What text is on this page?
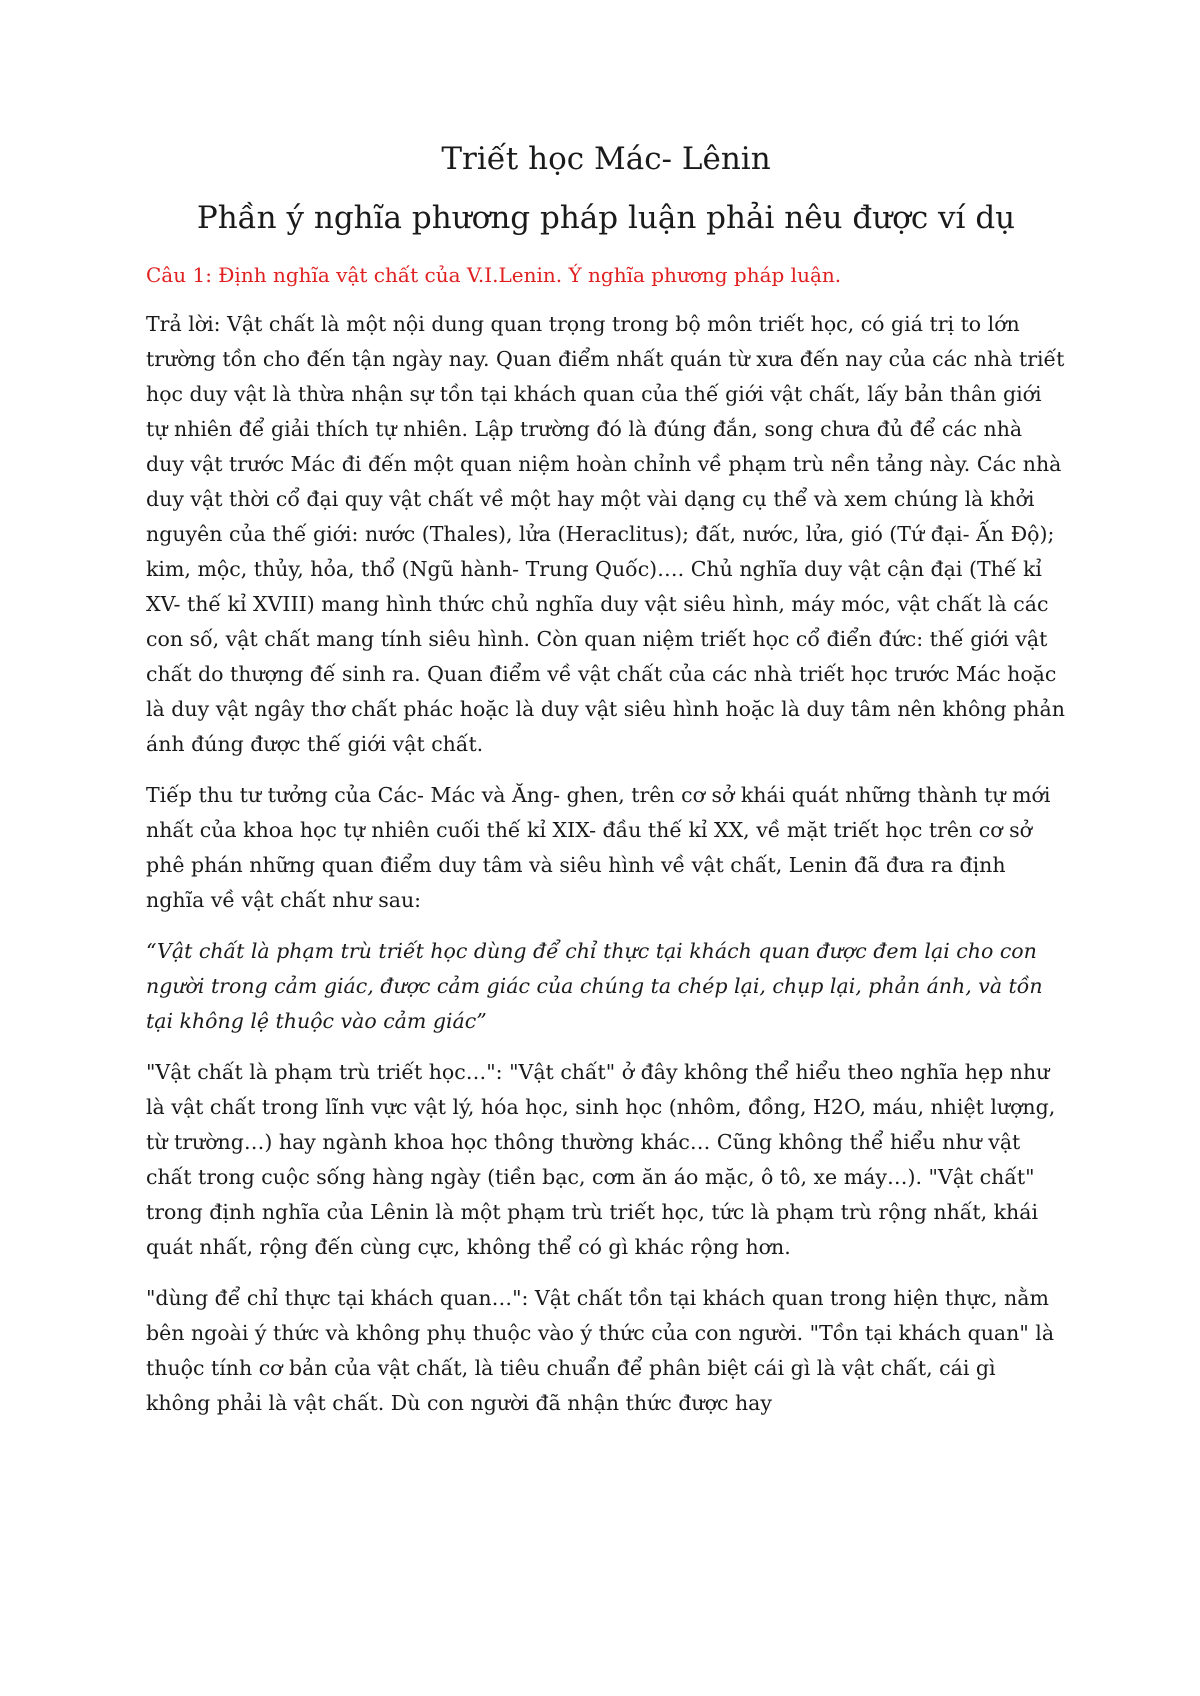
Triết học Mác- Lênin
Phần ý nghĩa phương pháp luận phải nêu được ví dụ

Câu 1: Định nghĩa vật chất của V.I.Lenin. Ý nghĩa phương pháp luận.

Trả lời: Vật chất là một nội dung quan trọng trong bộ môn triết học, có giá trị to lớn trường tồn cho đến tận ngày nay. Quan điểm nhất quán từ xưa đến nay của các nhà triết học duy vật là thừa nhận sự tồn tại khách quan của thế giới vật chất, lấy bản thân giới tự nhiên để giải thích tự nhiên. Lập trường đó là đúng đắn, song chưa đủ để các nhà duy vật trước Mác đi đến một quan niệm hoàn chỉnh về phạm trù nền tảng này. Các nhà duy vật thời cổ đại quy vật chất về một hay một vài dạng cụ thể và xem chúng là khởi nguyên của thế giới: nước (Thales), lửa (Heraclitus); đất, nước, lửa, gió (Tứ đại- Ấn Độ); kim, mộc, thủy, hỏa, thổ (Ngũ hành- Trung Quốc)…. Chủ nghĩa duy vật cận đại (Thế kỉ XV- thế kỉ XVIII) mang hình thức chủ nghĩa duy vật siêu hình, máy móc, vật chất là các con số, vật chất mang tính siêu hình. Còn quan niệm triết học cổ điển đức: thế giới vật chất do thượng đế sinh ra. Quan điểm về vật chất của các nhà triết học trước Mác hoặc là duy vật ngây thơ chất phác hoặc là duy vật siêu hình hoặc là duy tâm nên không phản ánh đúng được thế giới vật chất.

Tiếp thu tư tưởng của Các- Mác và Ăng- ghen, trên cơ sở khái quát những thành tự mới nhất của khoa học tự nhiên cuối thế kỉ XIX- đầu thế kỉ XX, về mặt triết học trên cơ sở phê phán những quan điểm duy tâm và siêu hình về vật chất, Lenin đã đưa ra định nghĩa về vật chất như sau:

“Vật chất là phạm trù triết học dùng để chỉ thực tại khách quan được đem lại cho con người trong cảm giác, được cảm giác của chúng ta chép lại, chụp lại, phản ánh, và tồn tại không lệ thuộc vào cảm giác”

"Vật chất là phạm trù triết học…": "Vật chất" ở đây không thể hiểu theo nghĩa hẹp như là vật chất trong lĩnh vực vật lý, hóa học, sinh học (nhôm, đồng, H2O, máu, nhiệt lượng, từ trường…) hay ngành khoa học thông thường khác… Cũng không thể hiểu như vật chất trong cuộc sống hàng ngày (tiền bạc, cơm ăn áo mặc, ô tô, xe máy…). "Vật chất" trong định nghĩa của Lênin là một phạm trù triết học, tức là phạm trù rộng nhất, khái quát nhất, rộng đến cùng cực, không thể có gì khác rộng hơn.

"dùng để chỉ thực tại khách quan…": Vật chất tồn tại khách quan trong hiện thực, nằm bên ngoài ý thức và không phụ thuộc vào ý thức của con người. "Tồn tại khách quan" là thuộc tính cơ bản của vật chất, là tiêu chuẩn để phân biệt cái gì là vật chất, cái gì không phải là vật chất. Dù con người đã nhận thức được hay
